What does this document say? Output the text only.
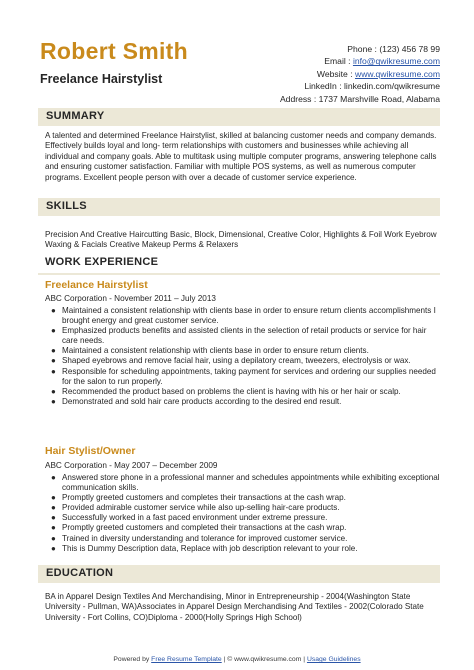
Robert Smith
Freelance Hairstylist
Phone : (123) 456 78 99
Email : info@qwikresume.com
Website : www.qwikresume.com
LinkedIn : linkedin.com/qwikresume
Address : 1737 Marshville Road, Alabama
SUMMARY

A talented and determined Freelance Hairstylist, skilled at balancing customer needs and company demands. Effectively builds loyal and long- term relationships with customers and businesses while achieving all individual and company goals. Able to multitask using multiple computer programs, answering telephone calls and ensuring customer satisfaction. Familiar with multiple POS systems, as well as numerous computer programs. Excellent people person with over a decade of customer service experience.

SKILLS

Precision And Creative Haircutting Basic, Block, Dimensional, Creative Color, Highlights & Foil Work Eyebrow Waxing & Facials Creative Makeup Perms & Relaxers

WORK EXPERIENCE
Freelance Hairstylist
ABC Corporation - November 2011 – July 2013
● Maintained a consistent relationship with clients base in order to ensure return clients accomplishments I brought energy and great customer service.
● Emphasized products benefits and assisted clients in the selection of retail products or service for hair care needs.
● Maintained a consistent relationship with clients base in order to ensure return clients.
● Shaped eyebrows and remove facial hair, using a depilatory cream, tweezers, electrolysis or wax.
● Responsible for scheduling appointments, taking payment for services and ordering our supplies needed for the salon to run properly.
● Recommended the product based on problems the client is having with his or her hair or scalp.
● Demonstrated and sold hair care products according to the desired end result.
Hair Stylist/Owner
ABC Corporation - May 2007 – December 2009
● Answered store phone in a professional manner and schedules appointments while exhibiting exceptional communication skills.
● Promptly greeted customers and completes their transactions at the cash wrap.
● Provided admirable customer service while also up-selling hair-care products.
● Successfully worked in a fast paced environment under extreme pressure.
● Promptly greeted customers and completed their transactions at the cash wrap.
● Trained in diversity understanding and tolerance for improved customer service.
● This is Dummy Description data, Replace with job description relevant to your role.
EDUCATION

BA in Apparel Design Textiles And Merchandising, Minor in Entrepreneurship - 2004(Washington State University - Pullman, WA)Associates in Apparel Design Merchandising And Textiles - 2002(Colorado State University - Fort Collins, CO)Diploma - 2000(Holly Springs High School)

Powered by Free Resume Template | © www.qwikresume.com | Usage Guidelines
